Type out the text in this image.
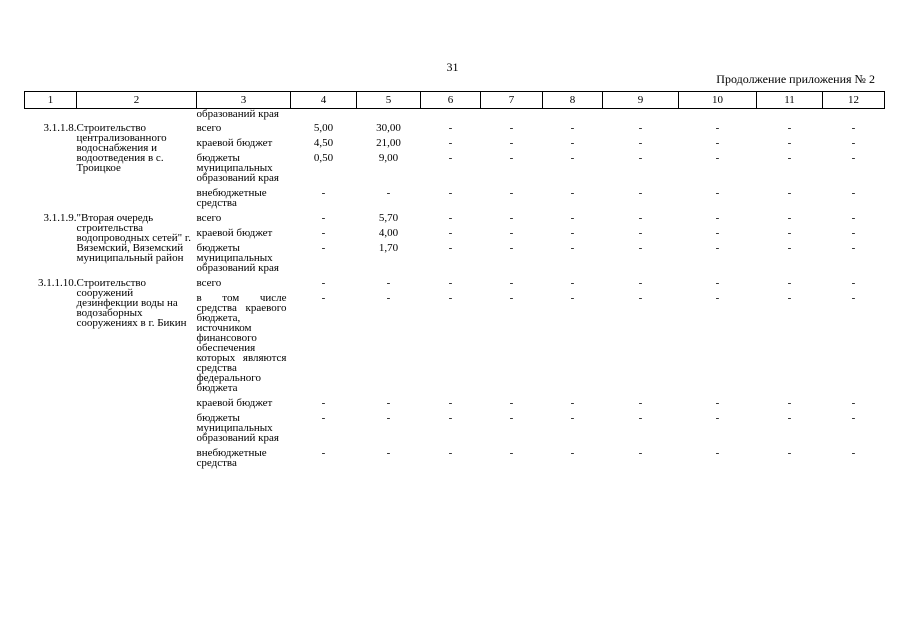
31
Продолжение приложения № 2
1	2	3	4	5	6	7	8	9	10	11	12
		образований края									
3.1.1.8.	Строительство централизованного водоснабжения и водоотведения в с. Троицкое	всего	5,00	30,00	-	-	-	-	-	-	-
		краевой бюджет	4,50	21,00	-	-	-	-	-	-	-
		бюджеты муниципальных образований края	0,50	9,00	-	-	-	-	-	-	-
		внебюджетные средства	-	-	-	-	-	-	-	-	-
3.1.1.9.	"Вторая очередь строительства водопроводных сетей" г. Вяземский, Вяземский муниципальный район	всего	-	5,70	-	-	-	-	-	-	-
		краевой бюджет	-	4,00	-	-	-	-	-	-	-
		бюджеты муниципальных образований края	-	1,70	-	-	-	-	-	-	-
3.1.1.10.	Строительство сооружений дезинфекции воды на водозаборных сооружениях в г. Бикин	всего	-	-	-	-	-	-	-	-	-
		в том числе средства краевого бюджета, источником финансового обеспечения которых являются средства федерального бюджета	-	-	-	-	-	-	-	-	-
		краевой бюджет	-	-	-	-	-	-	-	-	-
		бюджеты муниципальных образований края	-	-	-	-	-	-	-	-	-
		внебюджетные средства	-	-	-	-	-	-	-	-	-
